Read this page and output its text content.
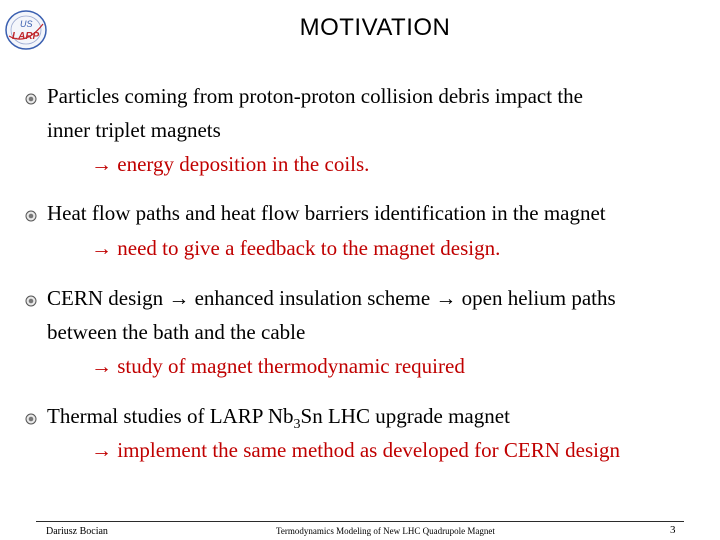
US
LARP	MOTIVATION
Particles coming from proton-proton collision debris impact the
inner triplet magnets
→ energy deposition in the coils.
Heat flow paths and heat flow barriers identification in the magnet
→ need to give a feedback to the magnet design.
CERN design → enhanced insulation scheme → open helium paths
between the bath and the cable
→ study of magnet thermodynamic required
Thermal studies of LARP $Nb_3Sn$ LHC upgrade magnet
→ implement the same method as developed for CERN design
Dariusz Bocian	Termodynamics Modeling of New LHC Quadrupole Magnet	3
